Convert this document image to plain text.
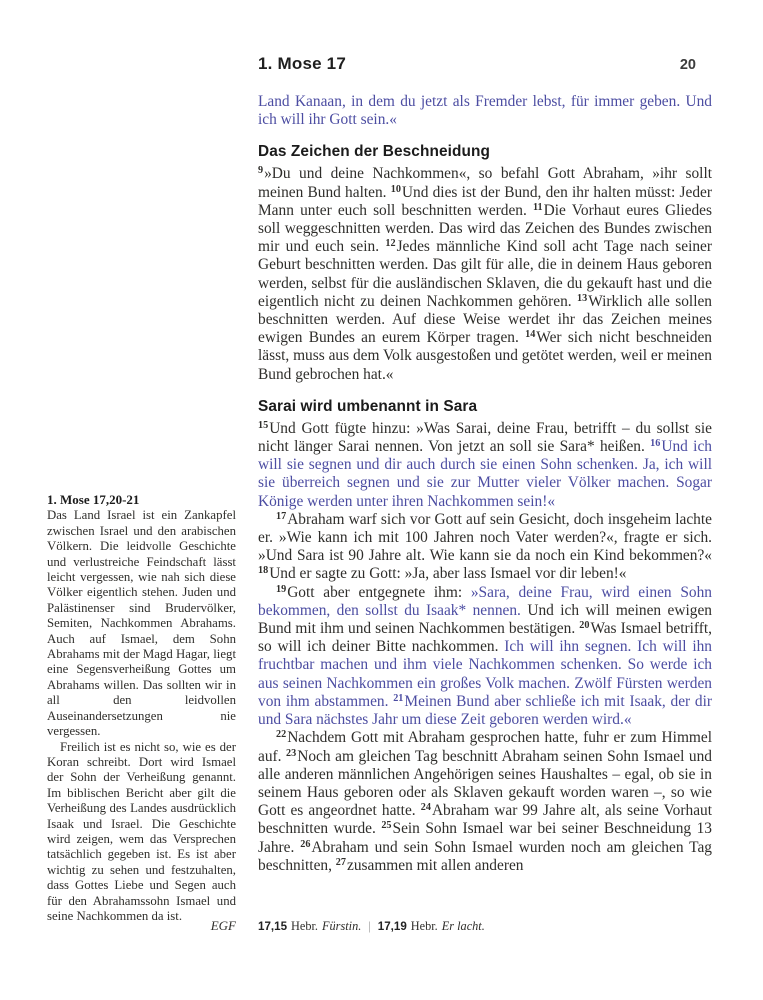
1. Mose 17	20
1. Mose 17,20-21

Das Land Israel ist ein Zankapfel zwischen Israel und den arabischen Völkern. Die leidvolle Geschichte und verlustreiche Feindschaft lässt leicht vergessen, wie nah sich diese Völker eigentlich stehen. Juden und Palästinenser sind Brudervölker, Semiten, Nachkommen Abrahams. Auch auf Ismael, dem Sohn Abrahams mit der Magd Hagar, liegt eine Segensverheißung Gottes um Abrahams willen. Das sollten wir in all den leidvollen Auseinandersetzungen nie vergessen.

Freilich ist es nicht so, wie es der Koran schreibt. Dort wird Ismael der Sohn der Verheißung genannt. Im biblischen Bericht aber gilt die Verheißung des Landes ausdrücklich Isaak und Israel. Die Geschichte wird zeigen, wem das Versprechen tatsächlich gegeben ist. Es ist aber wichtig zu sehen und festzuhalten, dass Gottes Liebe und Segen auch für den Abrahamssohn Ismael und seine Nachkommen da ist.

Land Kanaan, in dem du jetzt als Fremder lebst, für immer geben. Und ich will ihr Gott sein.«

Das Zeichen der Beschneidung

$^9$»Du und deine Nachkommen«, so befahl Gott Abraham, »ihr sollt meinen Bund halten. $^{10}$Und dies ist der Bund, den ihr halten müsst: Jeder Mann unter euch soll beschnitten werden. $^{11}$Die Vorhaut eures Gliedes soll weggeschnitten werden. Das wird das Zeichen des Bundes zwischen mir und euch sein. $^{12}$Jedes männliche Kind soll acht Tage nach seiner Geburt beschnitten werden. Das gilt für alle, die in deinem Haus geboren werden, selbst für die ausländischen Sklaven, die du gekauft hast und die eigentlich nicht zu deinen Nachkommen gehören. $^{13}$Wirklich alle sollen beschnitten werden. Auf diese Weise werdet ihr das Zeichen meines ewigen Bundes an eurem Körper tragen. $^{14}$Wer sich nicht beschneiden lässt, muss aus dem Volk ausgestoßen und getötet werden, weil er meinen Bund gebrochen hat.«

Sarai wird umbenannt in Sara

$^{15}$Und Gott fügte hinzu: »Was Sarai, deine Frau, betrifft – du sollst sie nicht länger Sarai nennen. Von jetzt an soll sie Sara* heißen. $^{16}$Und ich will sie segnen und dir auch durch sie einen Sohn schenken. Ja, ich will sie überreich segnen und sie zur Mutter vieler Völker machen. Sogar Könige werden unter ihren Nachkommen sein!«

$^{17}$Abraham warf sich vor Gott auf sein Gesicht, doch insgeheim lachte er. »Wie kann ich mit 100 Jahren noch Vater werden?«, fragte er sich. »Und Sara ist 90 Jahre alt. Wie kann sie da noch ein Kind bekommen?« $^{18}$Und er sagte zu Gott: »Ja, aber lass Ismael vor dir leben!«

$^{19}$Gott aber entgegnete ihm: »Sara, deine Frau, wird einen Sohn bekommen, den sollst du Isaak* nennen. Und ich will meinen ewigen Bund mit ihm und seinen Nachkommen bestätigen. $^{20}$Was Ismael betrifft, so will ich deiner Bitte nachkommen. Ich will ihn segnen. Ich will ihn fruchtbar machen und ihm viele Nachkommen schenken. So werde ich aus seinen Nachkommen ein großes Volk machen. Zwölf Fürsten werden von ihm abstammen. $^{21}$Meinen Bund aber schließe ich mit Isaak, der dir und Sara nächstes Jahr um diese Zeit geboren werden wird.«

$^{22}$Nachdem Gott mit Abraham gesprochen hatte, fuhr er zum Himmel auf. $^{23}$Noch am gleichen Tag beschnitt Abraham seinen Sohn Ismael und alle anderen männlichen Angehörigen seines Haushaltes – egal, ob sie in seinem Haus geboren oder als Sklaven gekauft worden waren –, so wie Gott es angeordnet hatte. $^{24}$Abraham war 99 Jahre alt, als seine Vorhaut beschnitten wurde. $^{25}$Sein Sohn Ismael war bei seiner Beschneidung 13 Jahre. $^{26}$Abraham und sein Sohn Ismael wurden noch am gleichen Tag beschnitten, $^{27}$zusammen mit allen anderen

EGF 17,15 Hebr. Fürstin. | 17,19 Hebr. Er lacht.
